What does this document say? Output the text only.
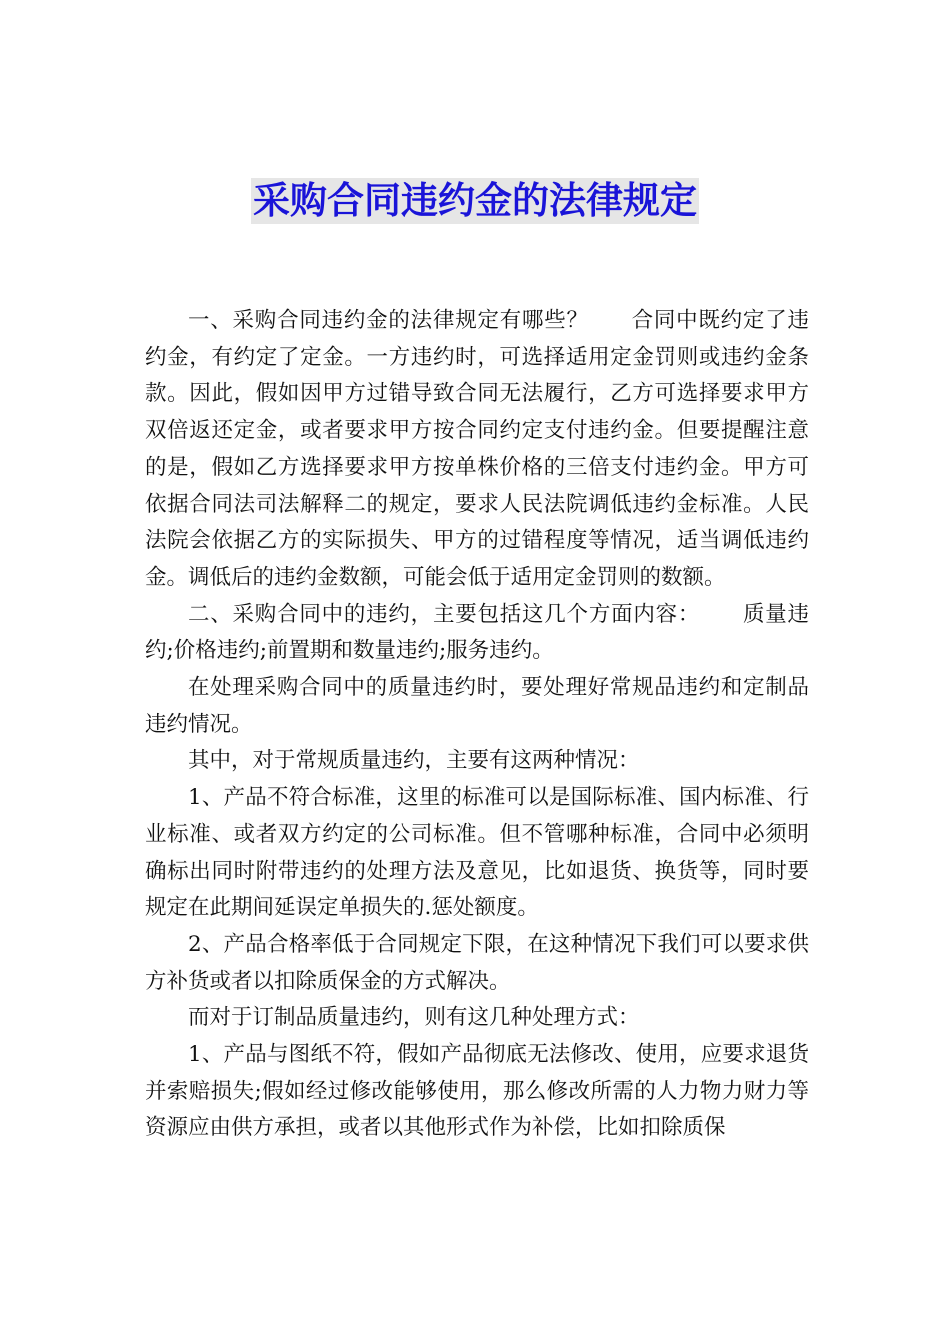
采购合同违约金的法律规定

一、采购合同违约金的法律规定有哪些？ 合同中既约定了违约金，有约定了定金。一方违约时，可选择适用定金罚则或违约金条款。因此，假如因甲方过错导致合同无法履行，乙方可选择要求甲方双倍返还定金，或者要求甲方按合同约定支付违约金。但要提醒注意的是，假如乙方选择要求甲方按单株价格的三倍支付违约金。甲方可依据合同法司法解释二的规定，要求人民法院调低违约金标准。人民法院会依据乙方的实际损失、甲方的过错程度等情况，适当调低违约金。调低后的违约金数额，可能会低于适用定金罚则的数额。

二、采购合同中的违约，主要包括这几个方面内容： 质量违约;价格违约;前置期和数量违约;服务违约。

在处理采购合同中的质量违约时，要处理好常规品违约和定制品违约情况。

其中，对于常规质量违约，主要有这两种情况：

1、产品不符合标准，这里的标准可以是国际标准、国内标准、行业标准、或者双方约定的公司标准。但不管哪种标准，合同中必须明确标出同时附带违约的处理方法及意见，比如退货、换货等，同时要规定在此期间延误定单损失的.惩处额度。

2、产品合格率低于合同规定下限，在这种情况下我们可以要求供方补货或者以扣除质保金的方式解决。

而对于订制品质量违约，则有这几种处理方式：

1、产品与图纸不符，假如产品彻底无法修改、使用，应要求退货并索赔损失;假如经过修改能够使用，那么修改所需的人力物力财力等资源应由供方承担，或者以其他形式作为补偿，比如扣除质保
